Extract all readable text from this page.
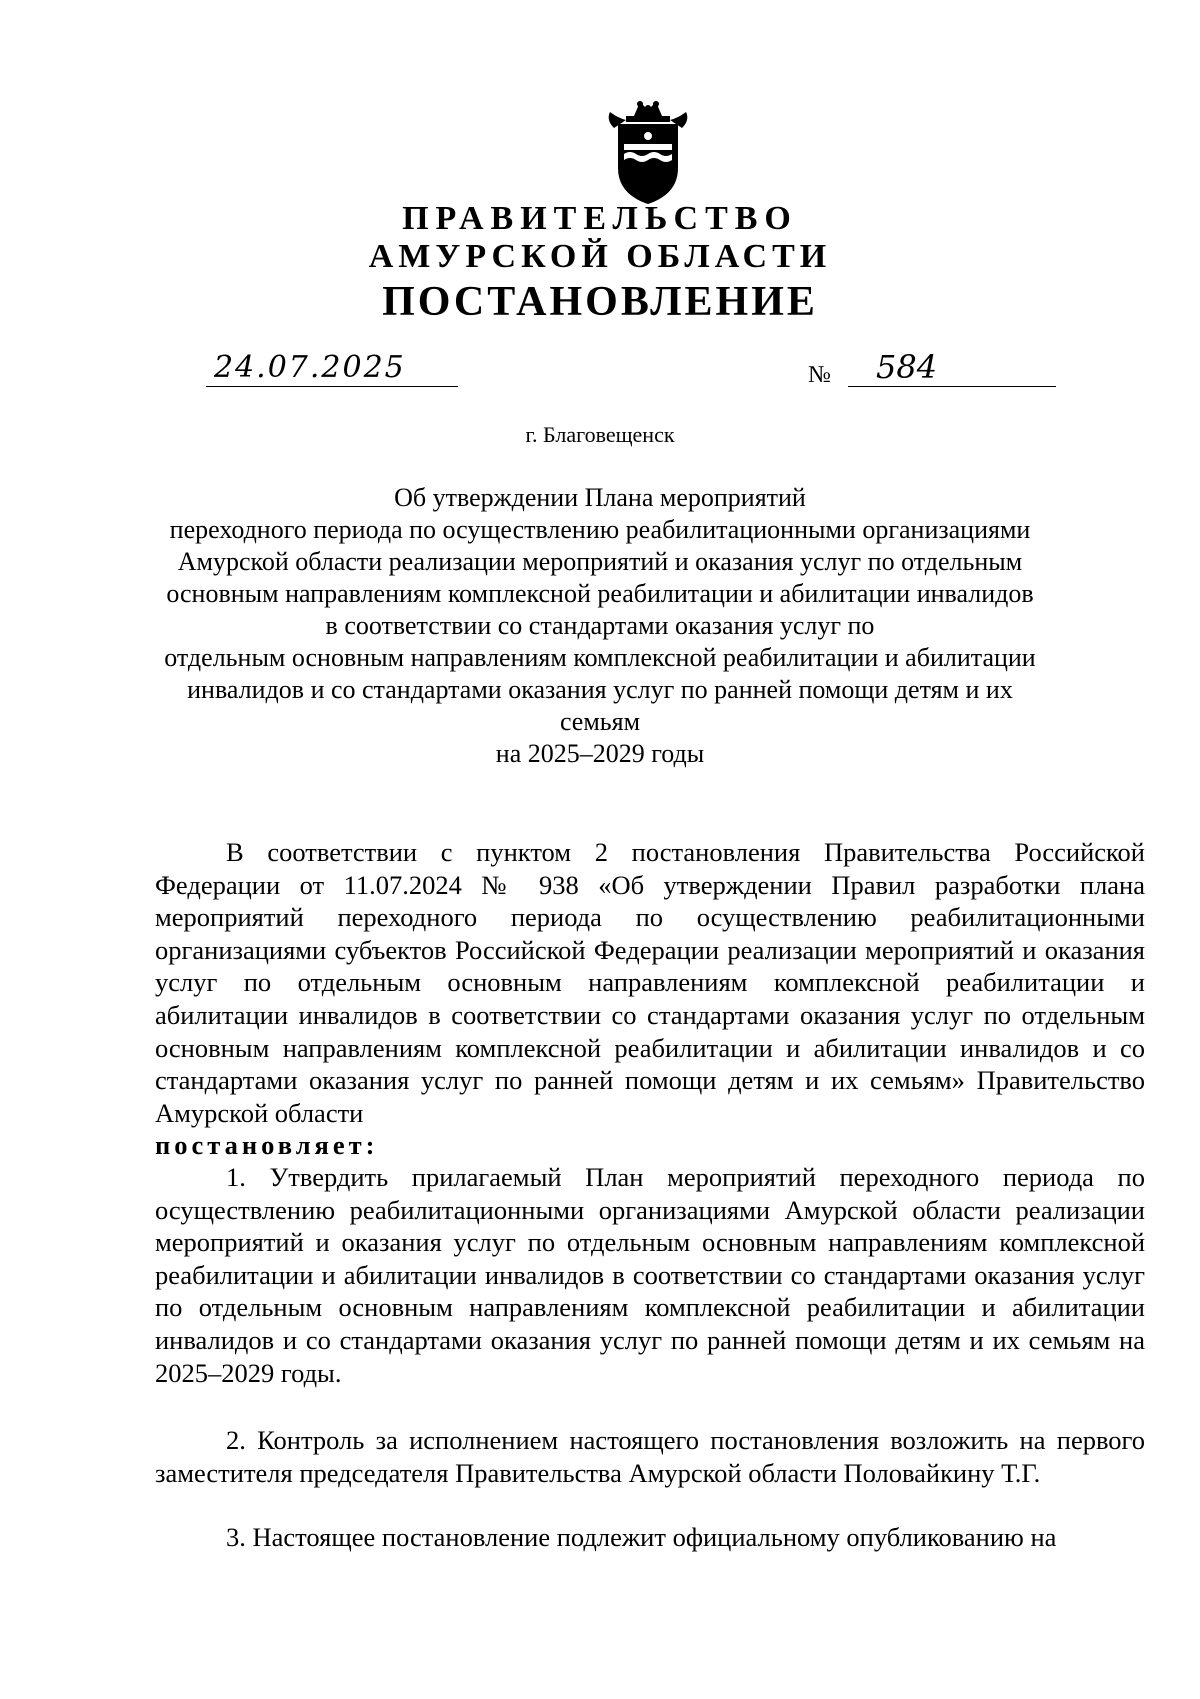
ПРАВИТЕЛЬСТВО
АМУРСКОЙ ОБЛАСТИ
ПОСТАНОВЛЕНИЕ
24.07.2025	№ 584
г. Благовещенск
Об утверждении Плана мероприятий
переходного периода по осуществлению реабилитационными организациями
Амурской области реализации мероприятий и оказания услуг по отдельным
основным направлениям комплексной реабилитации и абилитации инвалидов
в соответствии со стандартами оказания услуг по
отдельным основным направлениям комплексной реабилитации и абилитации
инвалидов и со стандартами оказания услуг по ранней помощи детям и их
семьям
на 2025–2029 годы
В соответствии с пунктом 2 постановления Правительства Российской Федерации от 11.07.2024 № 938 «Об утверждении Правил разработки плана мероприятий переходного периода по осуществлению реабилитационными организациями субъектов Российской Федерации реализации мероприятий и оказания услуг по отдельным основным направлениям комплексной реабилитации и абилитации инвалидов в соответствии со стандартами оказания услуг по отдельным основным направлениям комплексной реабилитации и абилитации инвалидов и со стандартами оказания услуг по ранней помощи детям и их семьям» Правительство Амурской области
постановляет:
1. Утвердить прилагаемый План мероприятий переходного периода по осуществлению реабилитационными организациями Амурской области реализации мероприятий и оказания услуг по отдельным основным направлениям комплексной реабилитации и абилитации инвалидов в соответствии со стандартами оказания услуг по отдельным основным направлениям комплексной реабилитации и абилитации инвалидов и со стандартами оказания услуг по ранней помощи детям и их семьям на 2025–2029 годы.
2. Контроль за исполнением настоящего постановления возложить на первого заместителя председателя Правительства Амурской области Половайкину Т.Г.
3. Настоящее постановление подлежит официальному опубликованию на
